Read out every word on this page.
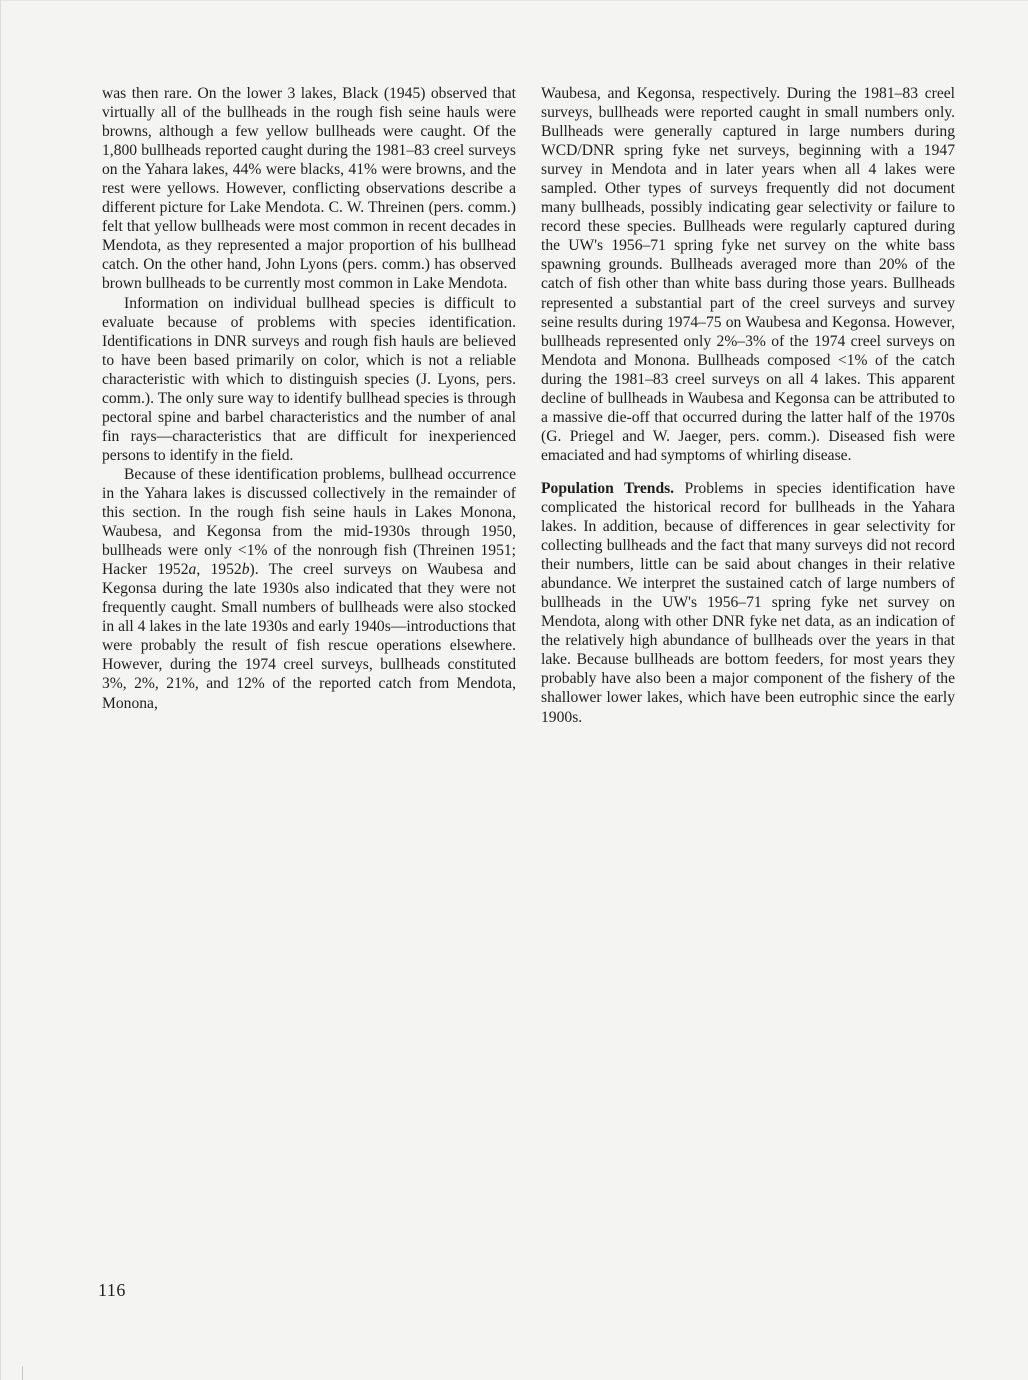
was then rare. On the lower 3 lakes, Black (1945) observed that virtually all of the bullheads in the rough fish seine hauls were browns, although a few yellow bullheads were caught. Of the 1,800 bullheads reported caught during the 1981–83 creel surveys on the Yahara lakes, 44% were blacks, 41% were browns, and the rest were yellows. However, conflicting observations describe a different picture for Lake Mendota. C. W. Threinen (pers. comm.) felt that yellow bullheads were most common in recent decades in Mendota, as they represented a major proportion of his bullhead catch. On the other hand, John Lyons (pers. comm.) has observed brown bullheads to be currently most common in Lake Mendota.

Information on individual bullhead species is difficult to evaluate because of problems with species identification. Identifications in DNR surveys and rough fish hauls are believed to have been based primarily on color, which is not a reliable characteristic with which to distinguish species (J. Lyons, pers. comm.). The only sure way to identify bullhead species is through pectoral spine and barbel characteristics and the number of anal fin rays—characteristics that are difficult for inexperienced persons to identify in the field.

Because of these identification problems, bullhead occurrence in the Yahara lakes is discussed collectively in the remainder of this section. In the rough fish seine hauls in Lakes Monona, Waubesa, and Kegonsa from the mid-1930s through 1950, bullheads were only <1% of the nonrough fish (Threinen 1951; Hacker 1952a, 1952b). The creel surveys on Waubesa and Kegonsa during the late 1930s also indicated that they were not frequently caught. Small numbers of bullheads were also stocked in all 4 lakes in the late 1930s and early 1940s—introductions that were probably the result of fish rescue operations elsewhere. However, during the 1974 creel surveys, bullheads constituted 3%, 2%, 21%, and 12% of the reported catch from Mendota, Monona,

Waubesa, and Kegonsa, respectively. During the 1981–83 creel surveys, bullheads were reported caught in small numbers only. Bullheads were generally captured in large numbers during WCD/DNR spring fyke net surveys, beginning with a 1947 survey in Mendota and in later years when all 4 lakes were sampled. Other types of surveys frequently did not document many bullheads, possibly indicating gear selectivity or failure to record these species. Bullheads were regularly captured during the UW's 1956–71 spring fyke net survey on the white bass spawning grounds. Bullheads averaged more than 20% of the catch of fish other than white bass during those years. Bullheads represented a substantial part of the creel surveys and survey seine results during 1974–75 on Waubesa and Kegonsa. However, bullheads represented only 2%–3% of the 1974 creel surveys on Mendota and Monona. Bullheads composed <1% of the catch during the 1981–83 creel surveys on all 4 lakes. This apparent decline of bullheads in Waubesa and Kegonsa can be attributed to a massive die-off that occurred during the latter half of the 1970s (G. Priegel and W. Jaeger, pers. comm.). Diseased fish were emaciated and had symptoms of whirling disease.

Population Trends. Problems in species identification have complicated the historical record for bullheads in the Yahara lakes. In addition, because of differences in gear selectivity for collecting bullheads and the fact that many surveys did not record their numbers, little can be said about changes in their relative abundance. We interpret the sustained catch of large numbers of bullheads in the UW's 1956–71 spring fyke net survey on Mendota, along with other DNR fyke net data, as an indication of the relatively high abundance of bullheads over the years in that lake. Because bullheads are bottom feeders, for most years they probably have also been a major component of the fishery of the shallower lower lakes, which have been eutrophic since the early 1900s.

116
